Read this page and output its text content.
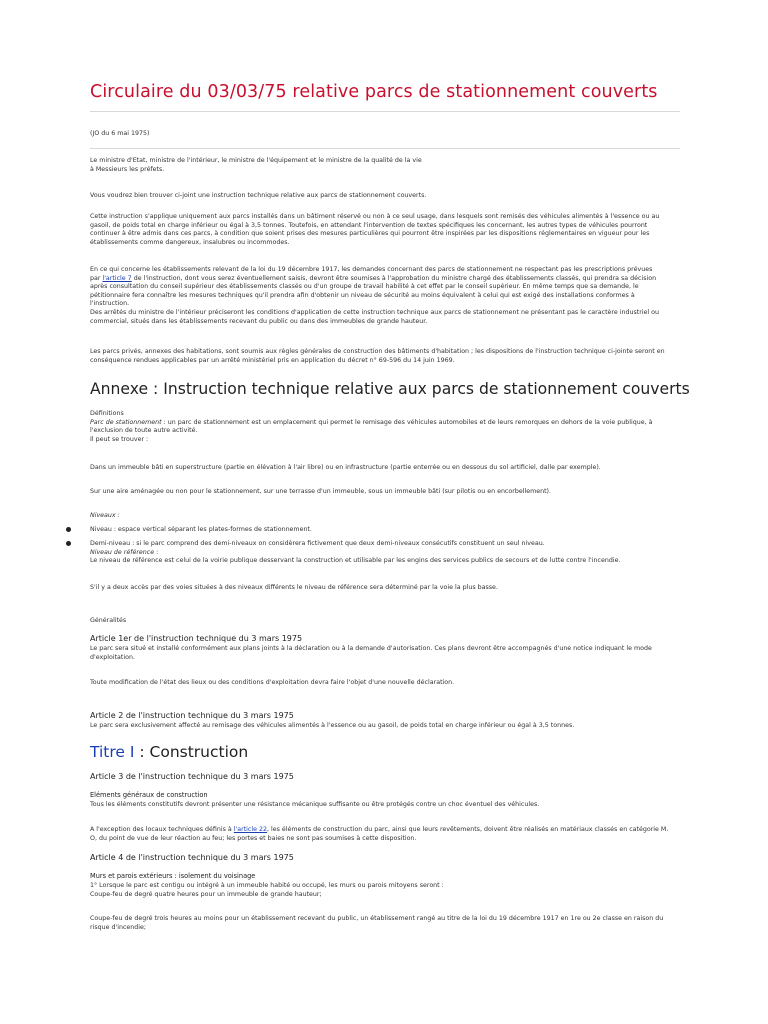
Circulaire du 03/03/75 relative parcs de stationnement couverts
(JO du 6 mai 1975)
Le ministre d'Etat, ministre de l'intérieur, le ministre de l'équipement et le ministre de la qualité de la vie
à Messieurs les préfets.
Vous voudrez bien trouver ci-joint une instruction technique relative aux parcs de stationnement couverts.
Cette instruction s'applique uniquement aux parcs installés dans un bâtiment réservé ou non à ce seul usage, dans lesquels sont remisés des véhicules alimentés à l'essence ou au
gasoil, de poids total en charge inférieur ou égal à 3,5 tonnes. Toutefois, en attendant l'intervention de textes spécifiques les concernant, les autres types de véhicules pourront
continuer à être admis dans ces parcs, à condition que soient prises des mesures particulières qui pourront être inspirées par les dispositions réglementaires en vigueur pour les
établissements comme dangereux, insalubres ou incommodes.
En ce qui concerne les établissements relevant de la loi du 19 décembre 1917, les demandes concernant des parcs de stationnement ne respectant pas les prescriptions prévues
par l'article 7 de l'instruction, dont vous serez éventuellement saisis, devront être soumises à l'approbation du ministre chargé des établissements classés, qui prendra sa décision
après consultation du conseil supérieur des établissements classés ou d'un groupe de travail habilité à cet effet par le conseil supérieur. En même temps que sa demande, le
pétitionnaire fera connaître les mesures techniques qu'il prendra afin d'obtenir un niveau de sécurité au moins équivalent à celui qui est exigé des installations conformes à
l'instruction.
Des arrêtés du ministre de l'intérieur préciseront les conditions d'application de cette instruction technique aux parcs de stationnement ne présentant pas le caractère industriel ou
commercial, situés dans les établissements recevant du public ou dans des immeubles de grande hauteur.
Les parcs privés, annexes des habitations, sont soumis aux règles générales de construction des bâtiments d'habitation ; les dispositions de l'instruction technique ci-jointe seront en
conséquence rendues applicables par un arrêté ministériel pris en application du décret n° 69-596 du 14 juin 1969.
Annexe : Instruction technique relative aux parcs de stationnement couverts
Définitions
Parc de stationnement : un parc de stationnement est un emplacement qui permet le remisage des véhicules automobiles et de leurs remorques en dehors de la voie publique, à
l'exclusion de toute autre activité.
Il peut se trouver :
Dans un immeuble bâti en superstructure (partie en élévation à l'air libre) ou en infrastructure (partie enterrée ou en dessous du sol artificiel, dalle par exemple).
Sur une aire aménagée ou non pour le stationnement, sur une terrasse d'un immeuble, sous un immeuble bâti (sur pilotis ou en encorbellement).
Niveaux :
Niveau : espace vertical séparant les plates-formes de stationnement.
Demi-niveau : si le parc comprend des demi-niveaux on considèrera fictivement que deux demi-niveaux consécutifs constituent un seul niveau.
Niveau de référence :
Le niveau de référence est celui de la voirie publique desservant la construction et utilisable par les engins des services publics de secours et de lutte contre l'incendie.
S'il y a deux accès par des voies situées à des niveaux différents le niveau de référence sera déterminé par la voie la plus basse.
Généralités
Article 1er de l'instruction technique du 3 mars 1975
Le parc sera situé et installé conformément aux plans joints à la déclaration ou à la demande d'autorisation. Ces plans devront être accompagnés d'une notice indiquant le mode
d'exploitation.
Toute modification de l'état des lieux ou des conditions d'exploitation devra faire l'objet d'une nouvelle déclaration.
Article 2 de l'instruction technique du 3 mars 1975
Le parc sera exclusivement affecté au remisage des véhicules alimentés à l'essence ou au gasoil, de poids total en charge inférieur ou égal à 3,5 tonnes.
Titre I : Construction
Article 3 de l'instruction technique du 3 mars 1975
Eléments généraux de construction
Tous les éléments constitutifs devront présenter une résistance mécanique suffisante ou être protégés contre un choc éventuel des véhicules.
A l'exception des locaux techniques définis à l'article 22, les éléments de construction du parc, ainsi que leurs revêtements, doivent être réalisés en matériaux classés en catégorie M.
O, du point de vue de leur réaction au feu; les portes et baies ne sont pas soumises à cette disposition.
Article 4 de l'instruction technique du 3 mars 1975
Murs et parois extérieurs : isolement du voisinage
1° Lorsque le parc est contigu ou intégré à un immeuble habité ou occupé, les murs ou parois mitoyens seront :
Coupe-feu de degré quatre heures pour un immeuble de grande hauteur;
Coupe-feu de degré trois heures au moins pour un établissement recevant du public, un établissement rangé au titre de la loi du 19 décembre 1917 en 1re ou 2e classe en raison du
risque d'incendie;
